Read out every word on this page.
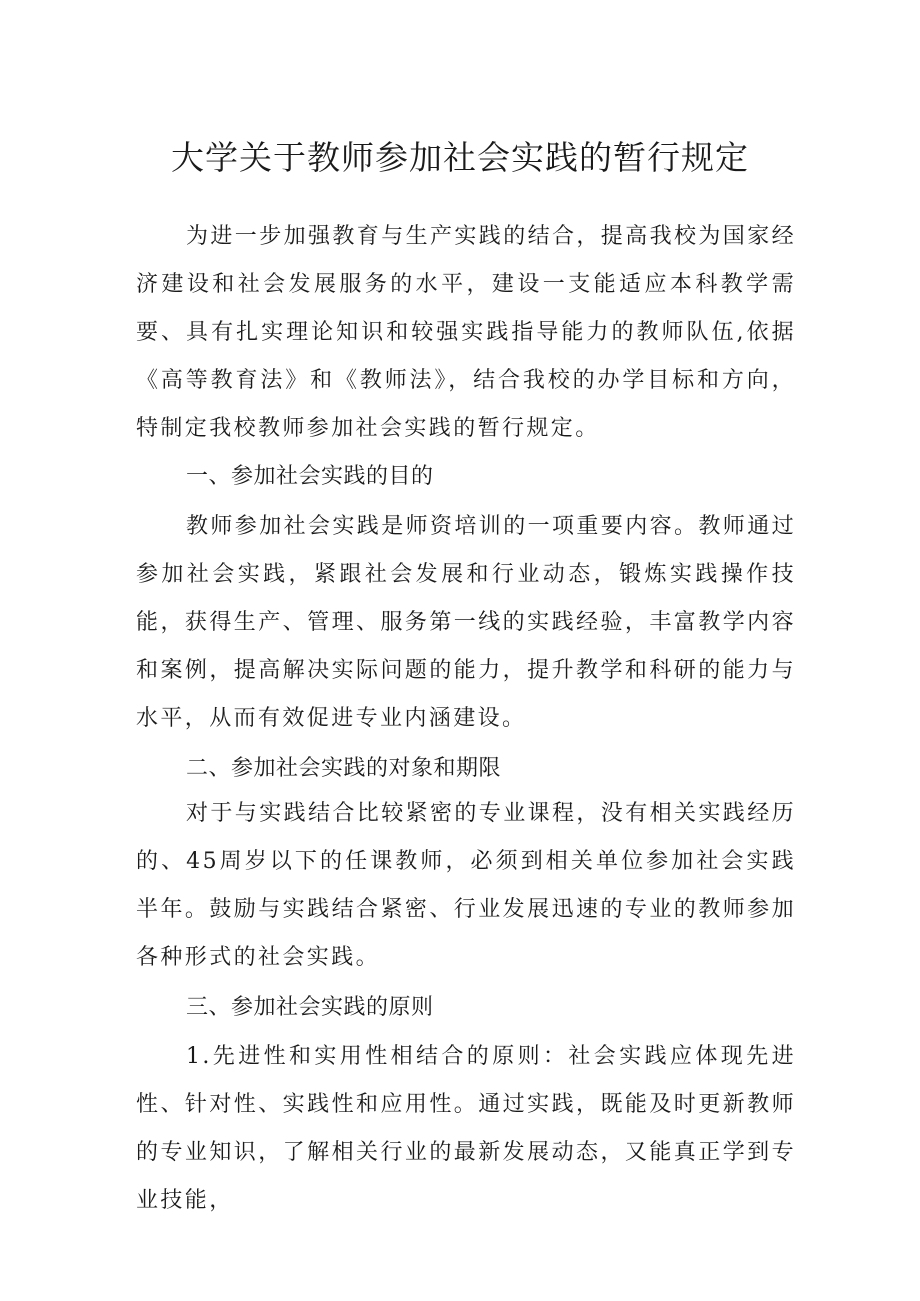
大学关于教师参加社会实践的暂行规定

为进一步加强教育与生产实践的结合，提高我校为国家经济建设和社会发展服务的水平，建设一支能适应本科教学需要、具有扎实理论知识和较强实践指导能力的教师队伍,依据《高等教育法》和《教师法》，结合我校的办学目标和方向，特制定我校教师参加社会实践的暂行规定。

一、参加社会实践的目的

教师参加社会实践是师资培训的一项重要内容。教师通过参加社会实践，紧跟社会发展和行业动态，锻炼实践操作技能，获得生产、管理、服务第一线的实践经验，丰富教学内容和案例，提高解决实际问题的能力，提升教学和科研的能力与水平，从而有效促进专业内涵建设。

二、参加社会实践的对象和期限

对于与实践结合比较紧密的专业课程，没有相关实践经历的、45周岁以下的任课教师，必须到相关单位参加社会实践半年。鼓励与实践结合紧密、行业发展迅速的专业的教师参加各种形式的社会实践。

三、参加社会实践的原则

1.先进性和实用性相结合的原则：社会实践应体现先进性、针对性、实践性和应用性。通过实践，既能及时更新教师的专业知识，了解相关行业的最新发展动态，又能真正学到专业技能，
